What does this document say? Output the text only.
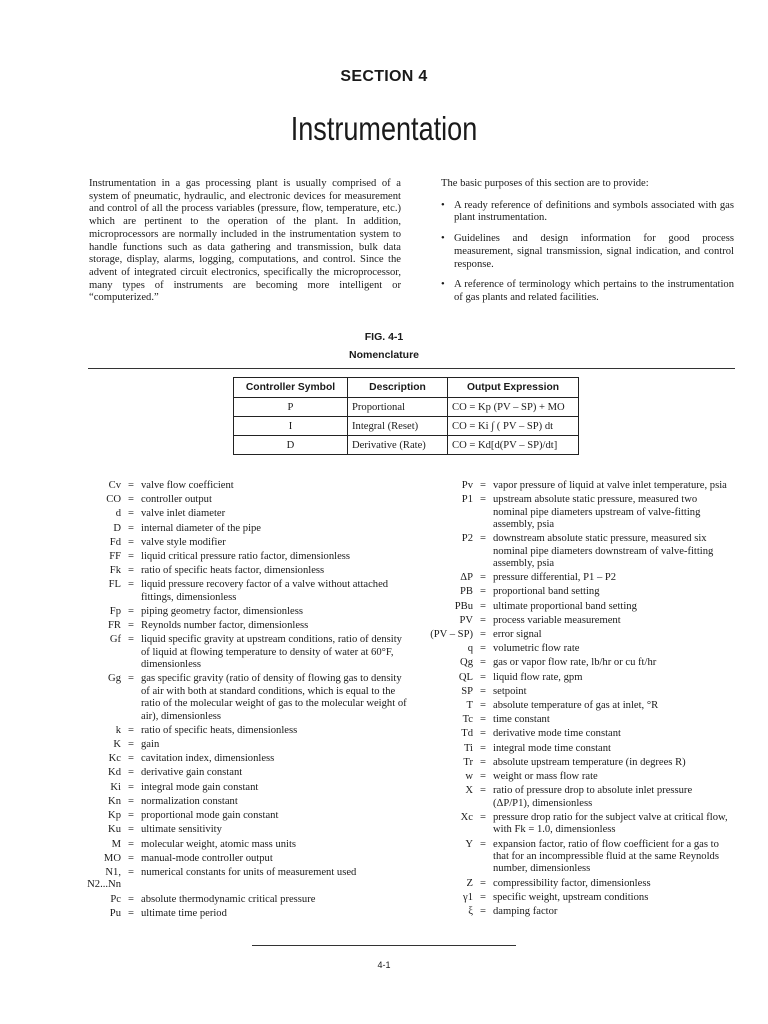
SECTION 4
Instrumentation

Instrumentation in a gas processing plant is usually comprised of a system of pneumatic, hydraulic, and electronic devices for measurement and control of all the process variables (pressure, flow, temperature, etc.) which are pertinent to the operation of the plant. In addition, microprocessors are normally included in the instrumentation system to handle functions such as data gathering and transmission, bulk data storage, display, alarms, logging, computations, and control. Since the advent of integrated circuit electronics, specifically the microprocessor, many types of instruments are becoming more intelligent or “computerized.”

The basic purposes of this section are to provide:

• A ready reference of definitions and symbols associated with gas plant instrumentation.
• Guidelines and design information for good process measurement, signal transmission, signal indication, and control response.
• A reference of terminology which pertains to the instrumentation of gas plants and related facilities.
FIG. 4-1
Nomenclature
Controller Symbol	Description	Output Expression
P	Proportional	CO = Kp (PV – SP) + MO
I	Integral (Reset)	CO = Ki ∫ ( PV – SP) dt
D	Derivative (Rate)	CO = Kd[d(PV – SP)/dt]
Cv = valve flow coefficient
CO = controller output
d = valve inlet diameter
D = internal diameter of the pipe
Fd = valve style modifier
FF = liquid critical pressure ratio factor, dimensionless
Fk = ratio of specific heats factor, dimensionless
FL = liquid pressure recovery factor of a valve without attached fittings, dimensionless
Fp = piping geometry factor, dimensionless
FR = Reynolds number factor, dimensionless
Gf = liquid specific gravity at upstream conditions, ratio of density of liquid at flowing temperature to density of water at 60°F, dimensionless
Gg = gas specific gravity (ratio of density of flowing gas to density of air with both at standard conditions, which is equal to the ratio of the molecular weight of gas to the molecular weight of air), dimensionless
k = ratio of specific heats, dimensionless
K = gain
Kc = cavitation index, dimensionless
Kd = derivative gain constant
Ki = integral mode gain constant
Kn = normalization constant
Kp = proportional mode gain constant
Ku = ultimate sensitivity
M = molecular weight, atomic mass units
MO = manual-mode controller output
N1, N2...Nn
= numerical constants for units of measurement used
Pc = absolute thermodynamic critical pressure
Pu = ultimate time period
Pv = vapor pressure of liquid at valve inlet temperature, psia
P1 = upstream absolute static pressure, measured two nominal pipe diameters upstream of valve-fitting assembly, psia
P2 = downstream absolute static pressure, measured six nominal pipe diameters downstream of valve-fitting assembly, psia
ΔP = pressure differential, P1 – P2
PB = proportional band setting
PBu = ultimate proportional band setting
PV = process variable measurement
(PV – SP) = error signal
q = volumetric flow rate
Qg = gas or vapor flow rate, lb/hr or cu ft/hr
QL = liquid flow rate, gpm
SP = setpoint
T = absolute temperature of gas at inlet, °R
Tc = time constant
Td = derivative mode time constant
Ti = integral mode time constant
Tr = absolute upstream temperature (in degrees R)
w = weight or mass flow rate
X = ratio of pressure drop to absolute inlet pressure (ΔP/P1), dimensionless
Xc = pressure drop ratio for the subject valve at critical flow, with Fk = 1.0, dimensionless
Y = expansion factor, ratio of flow coefficient for a gas to that for an incompressible fluid at the same Reynolds number, dimensionless
Z = compressibility factor, dimensionless
γ1 = specific weight, upstream conditions
ξ = damping factor
4-1
